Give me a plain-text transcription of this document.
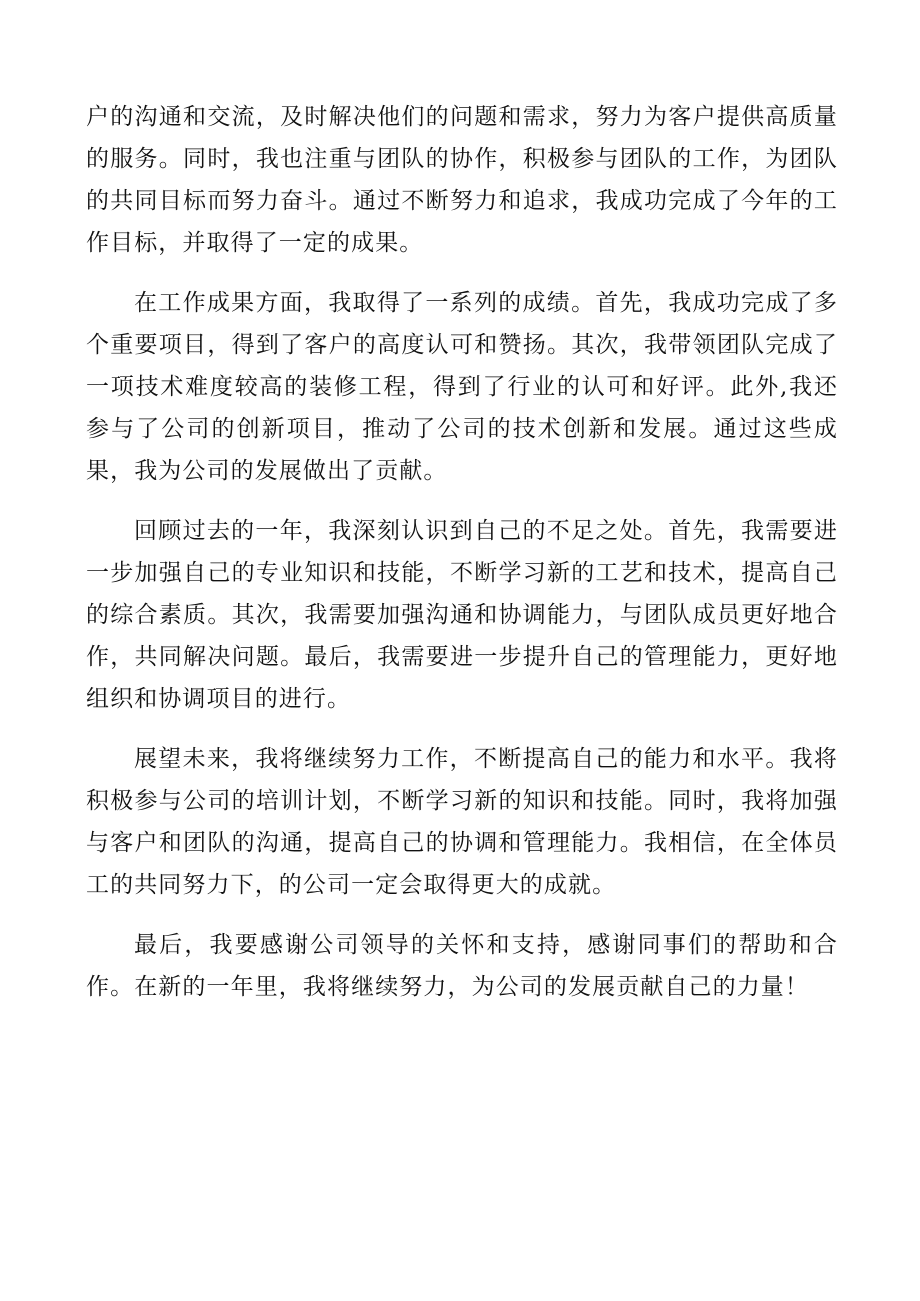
户的沟通和交流，及时解决他们的问题和需求，努力为客户提供高质量的服务。同时，我也注重与团队的协作，积极参与团队的工作，为团队的共同目标而努力奋斗。通过不断努力和追求，我成功完成了今年的工作目标，并取得了一定的成果。

在工作成果方面，我取得了一系列的成绩。首先，我成功完成了多个重要项目，得到了客户的高度认可和赞扬。其次，我带领团队完成了一项技术难度较高的装修工程，得到了行业的认可和好评。此外,我还参与了公司的创新项目，推动了公司的技术创新和发展。通过这些成果，我为公司的发展做出了贡献。

回顾过去的一年，我深刻认识到自己的不足之处。首先，我需要进一步加强自己的专业知识和技能，不断学习新的工艺和技术，提高自己的综合素质。其次，我需要加强沟通和协调能力，与团队成员更好地合作，共同解决问题。最后，我需要进一步提升自己的管理能力，更好地组织和协调项目的进行。

展望未来，我将继续努力工作，不断提高自己的能力和水平。我将积极参与公司的培训计划，不断学习新的知识和技能。同时，我将加强与客户和团队的沟通，提高自己的协调和管理能力。我相信，在全体员工的共同努力下，的公司一定会取得更大的成就。

最后，我要感谢公司领导的关怀和支持，感谢同事们的帮助和合作。在新的一年里，我将继续努力，为公司的发展贡献自己的力量！
